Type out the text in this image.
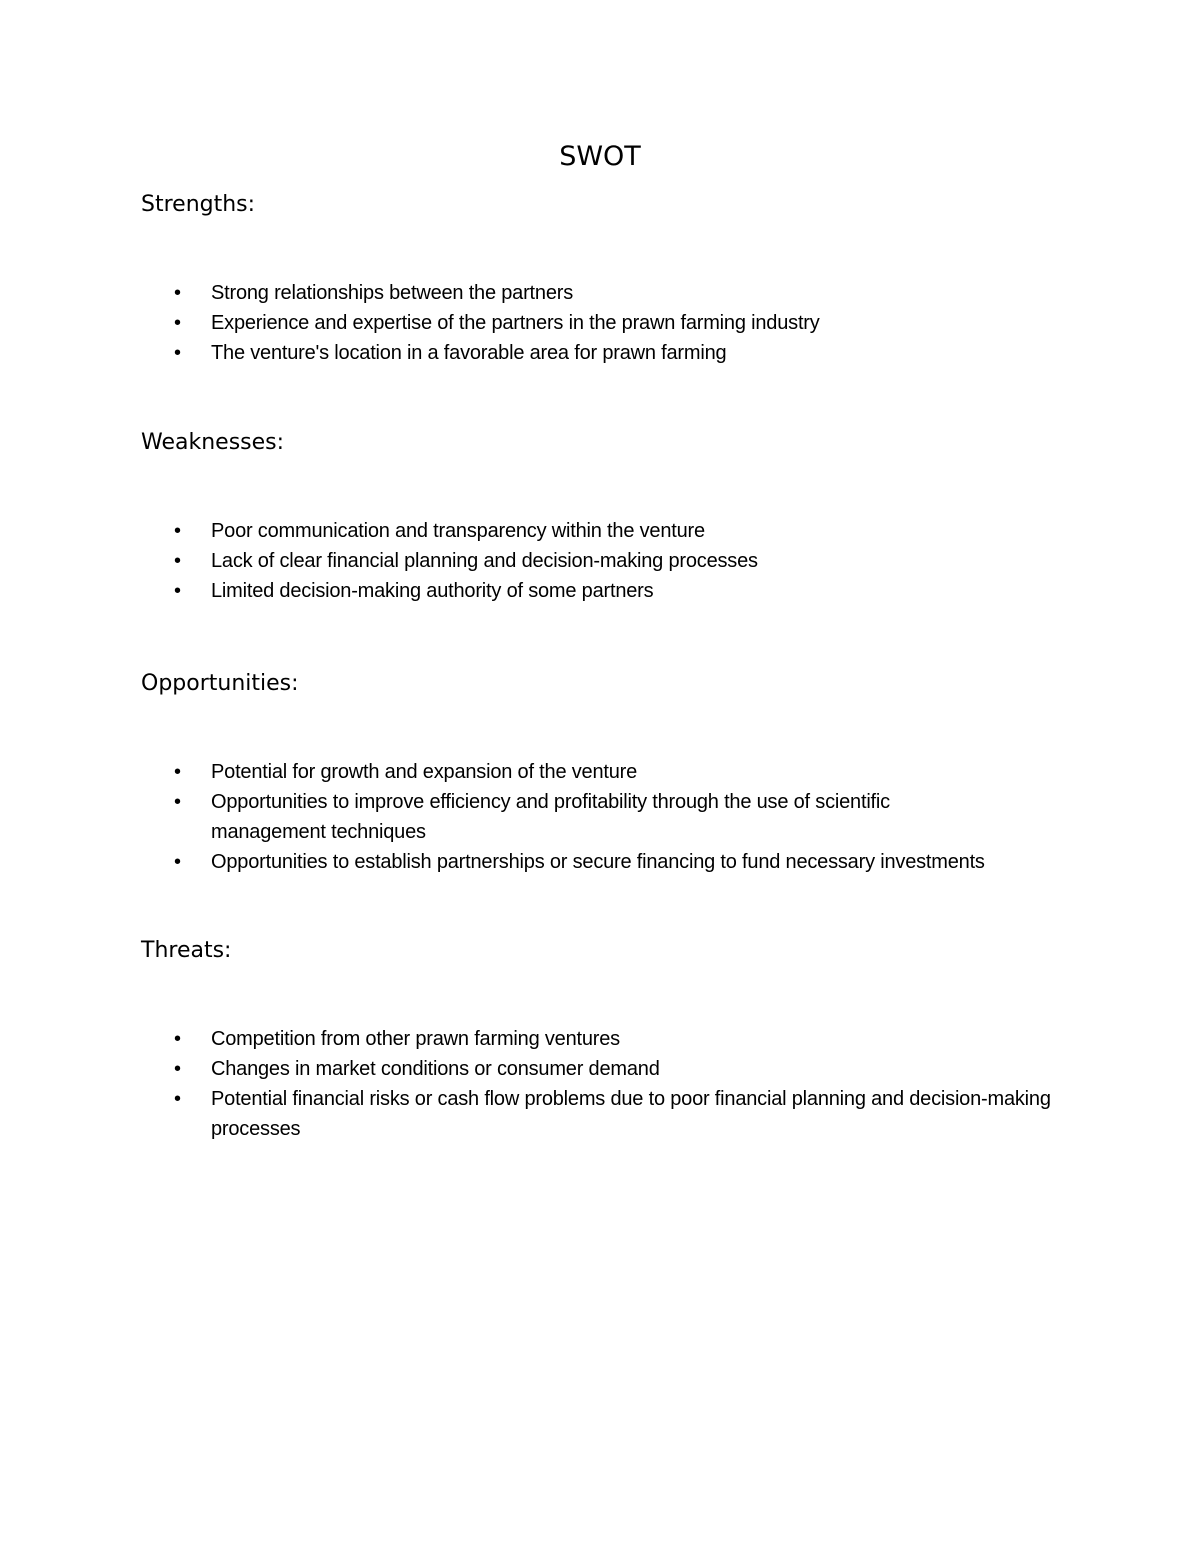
SWOT
Strengths:
• Strong relationships between the partners
• Experience and expertise of the partners in the prawn farming industry
• The venture's location in a favorable area for prawn farming
Weaknesses:
• Poor communication and transparency within the venture
• Lack of clear financial planning and decision-making processes
• Limited decision-making authority of some partners
Opportunities:
• Potential for growth and expansion of the venture
• Opportunities to improve efficiency and profitability through the use of scientific management techniques
• Opportunities to establish partnerships or secure financing to fund necessary investments
Threats:
• Competition from other prawn farming ventures
• Changes in market conditions or consumer demand
• Potential financial risks or cash flow problems due to poor financial planning and decision-making processes
